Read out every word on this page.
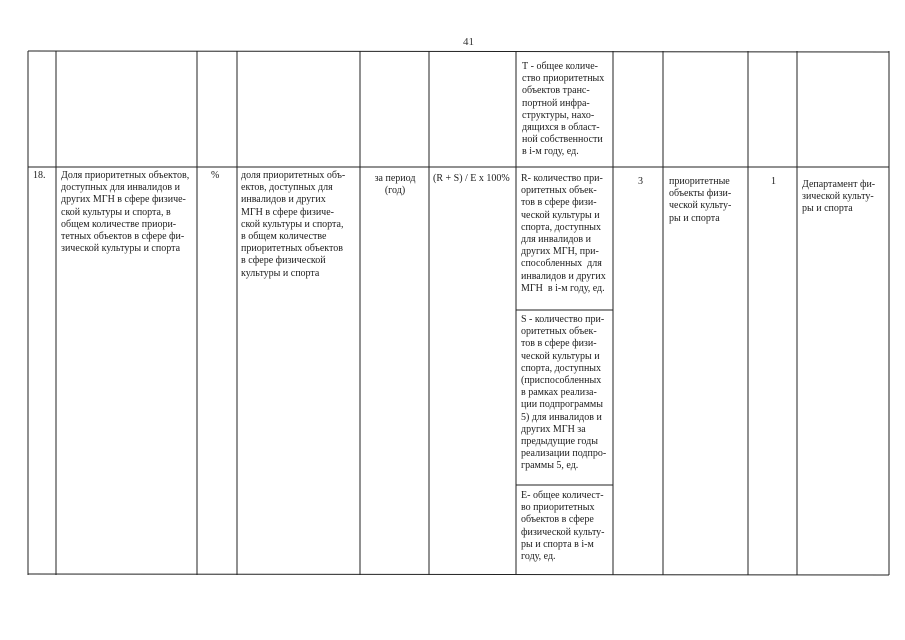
41
Т - общее количе-
ство приоритетных
объектов транс-
портной инфра-
структуры, нахо-
дящихся в област-
ной собственности
в i-м году, ед.
18. Доля приоритетных объектов,
доступных для инвалидов и
других МГН в сфере физиче-
ской культуры и спорта, в
общем количестве приори-
тетных объектов в сфере фи-
зической культуры и спорта
% доля приоритетных объ-
ектов, доступных для
инвалидов и других
МГН в сфере физиче-
ской культуры и спорта,
в общем количестве
приоритетных объектов
в сфере физической
культуры и спорта
за период
(год)
(R + S) / E x 100% R- количество при-
оритетных объек-
тов в сфере физи-
ческой культуры и
спорта, доступных
для инвалидов и
других МГН, при-
способленных  для
инвалидов и других
МГН  в i-м году, ед.
S - количество при-
оритетных объек-
тов в сфере физи-
ческой культуры и
спорта, доступных
(приспособленных
в рамках реализа-
ции подпрограммы
5) для инвалидов и
других МГН за
предыдущие годы
реализации подпро-
граммы 5, ед.
Е- общее количест-
во приоритетных
объектов в сфере
физической культу-
ры и спорта в i-м
году, ед.
3	приоритетные
объекты физи-
ческой культу-
ры и спорта
1	Департамент фи-
зической культу-
ры и спорта
